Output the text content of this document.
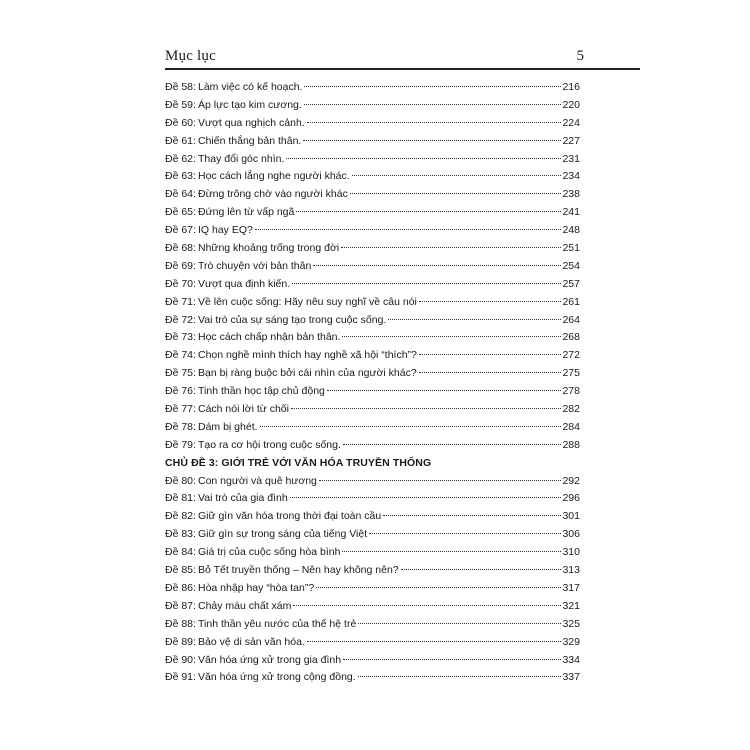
Mục lục	5
Đề 58: Làm việc có kế hoạch.	216
Đề 59: Áp lực tạo kim cương.	220
Đề 60: Vượt qua nghịch cảnh.	224
Đề 61: Chiến thắng bản thân.	227
Đề 62: Thay đổi góc nhìn.	231
Đề 63: Học cách lắng nghe người khác.	234
Đề 64: Đừng trông chờ vào người khác	238
Đề 65: Đứng lên từ vấp ngã	241
Đề 67: IQ hay EQ?	248
Đề 68: Những khoảng trống trong đời	251
Đề 69: Trò chuyện với bản thân	254
Đề 70: Vượt qua định kiến.	257
Đề 71: Về lên cuộc sống: Hãy nêu suy nghĩ về câu nói	261
Đề 72: Vai trò của sự sáng tạo trong cuộc sống.	264
Đề 73: Học cách chấp nhận bản thân.	268
Đề 74: Chọn nghề mình thích hay nghề xã hội “thích”?	272
Đề 75: Bạn bị ràng buộc bởi cái nhìn của người khác?	275
Đề 76: Tinh thần học tập chủ động	278
Đề 77: Cách nói lời từ chối	282
Đề 78: Dám bị ghét.	284
Đề 79: Tạo ra cơ hội trong cuộc sống.	288
CHỦ ĐỀ 3: GIỚI TRẺ VỚI VĂN HÓA TRUYỀN THỐNG
Đề 80: Con người và quê hương	292
Đề 81: Vai trò của gia đình	296
Đề 82: Giữ gìn văn hóa trong thời đại toàn cầu	301
Đề 83: Giữ gìn sự trong sáng của tiếng Việt	306
Đề 84: Giá trị của cuộc sống hòa bình	310
Đề 85: Bỏ Tết truyền thống – Nên hay không nên?	313
Đề 86: Hòa nhập hay “hòa tan”?	317
Đề 87: Chảy máu chất xám	321
Đề 88: Tinh thần yêu nước của thế hệ trẻ	325
Đề 89: Bảo vệ di sản văn hóa.	329
Đề 90: Văn hóa ứng xử trong gia đình	334
Đề 91: Văn hóa ứng xử trong cộng đồng.	337
